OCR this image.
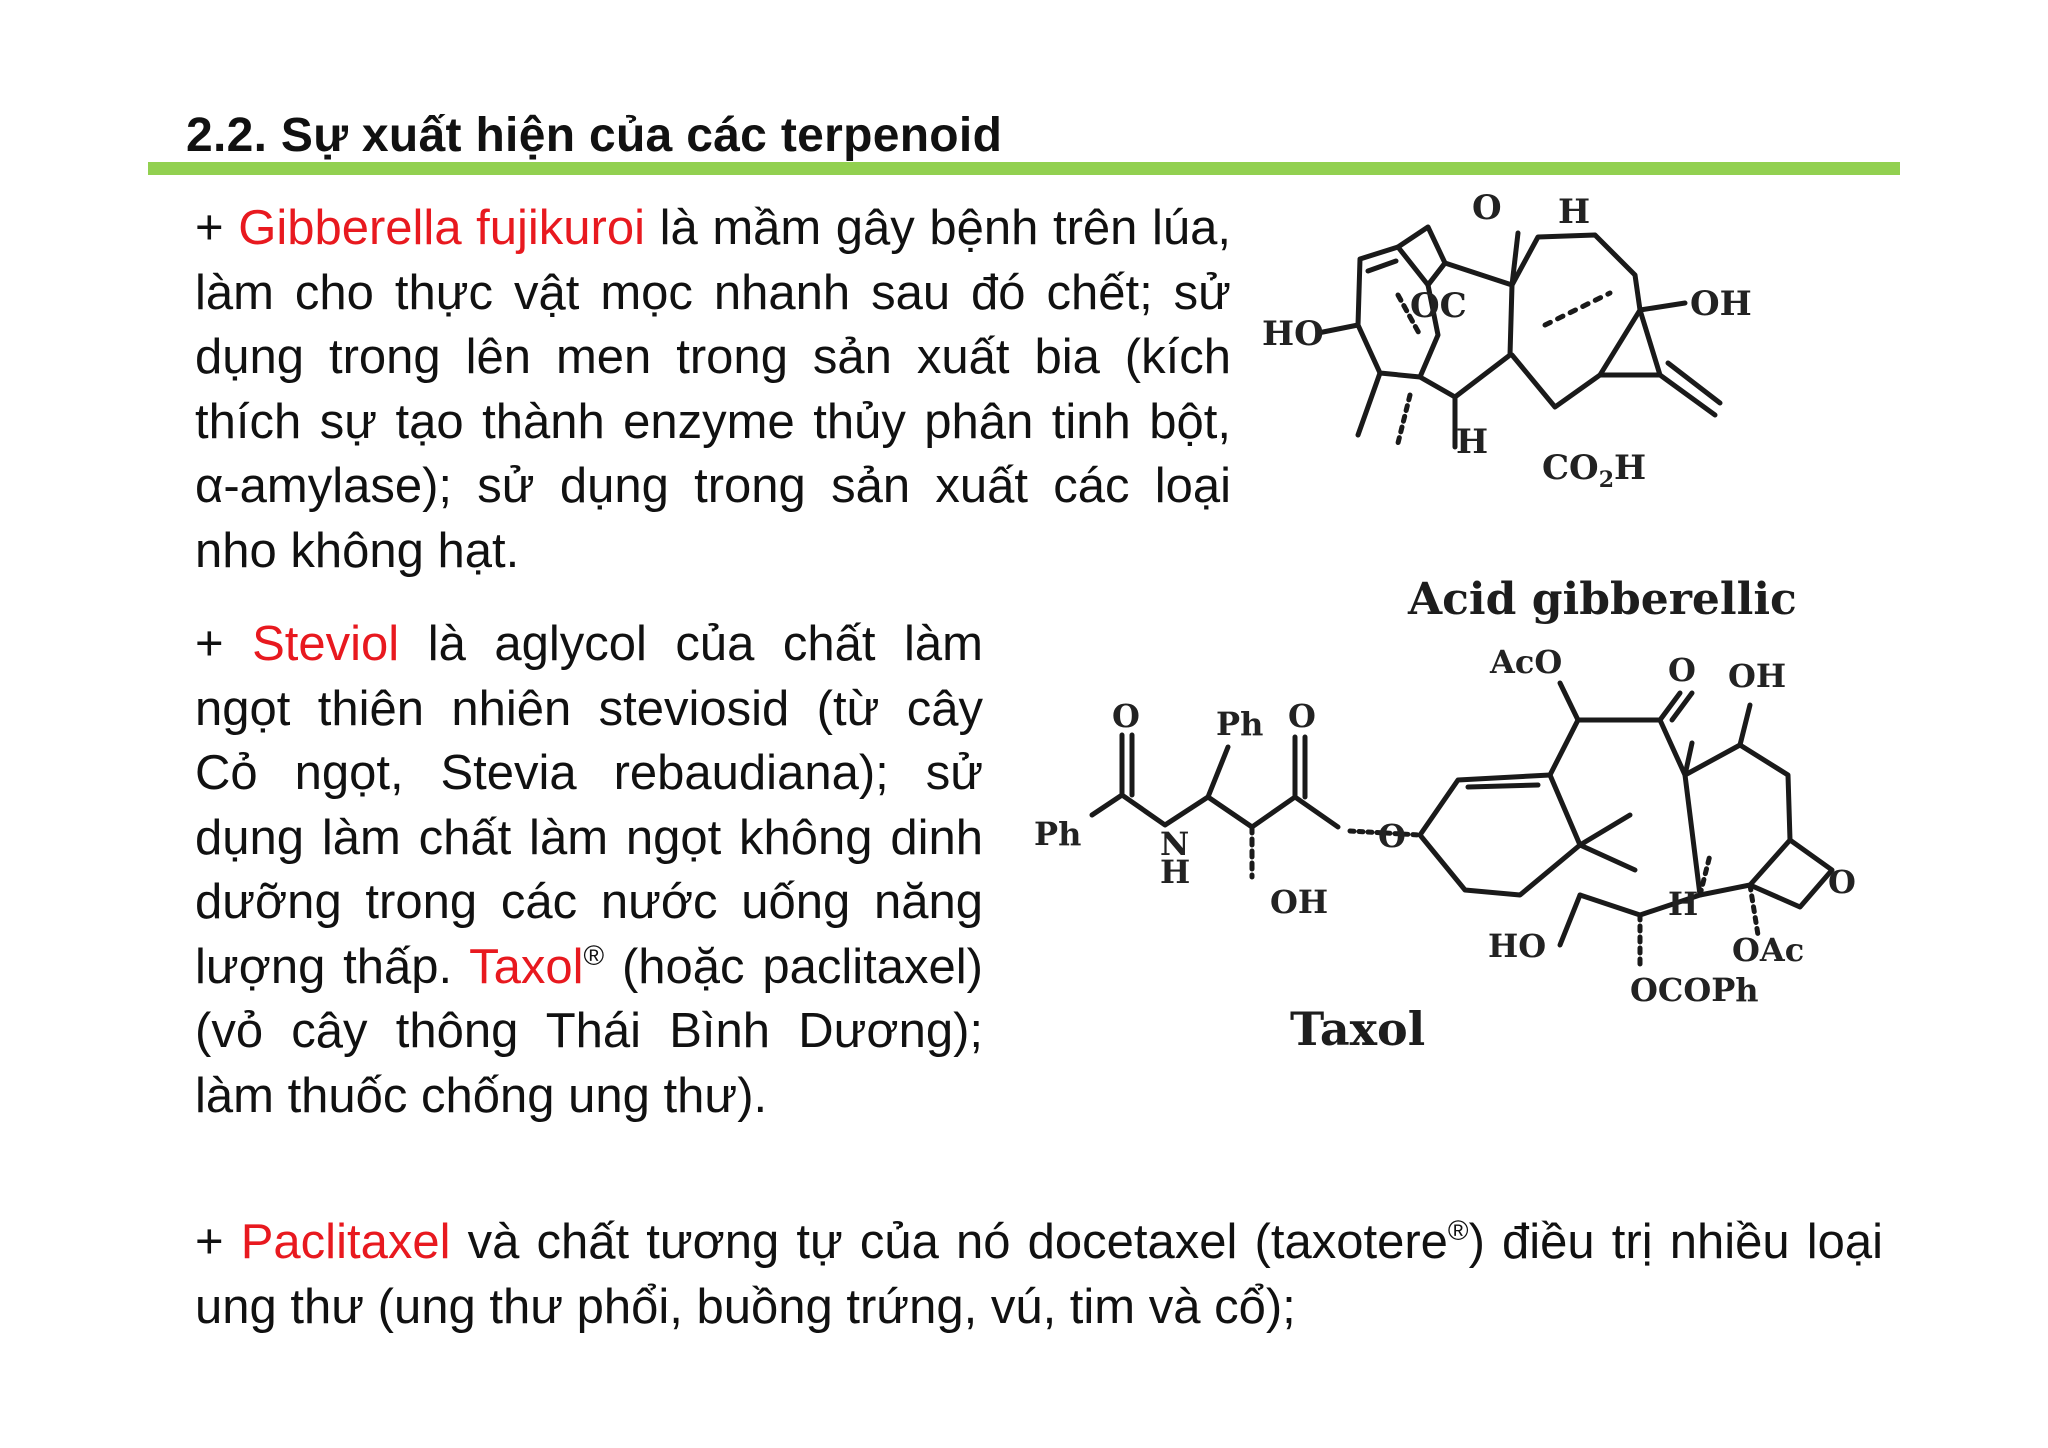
2.2. Sự xuất hiện của các terpenoid
+ Gibberella fujikuroi là mầm gây bệnh trên lúa, làm cho thực vật mọc nhanh sau đó chết; sử dụng trong lên men trong sản xuất bia (kích thích sự tạo thành enzyme thủy phân tinh bột, α-amylase); sử dụng trong sản xuất các loại nho không hạt.
+ Steviol là aglycol của chất làm ngọt thiên nhiên steviosid (từ cây Cỏ ngọt, Stevia rebaudiana); sử dụng làm chất làm ngọt không dinh dưỡng trong các nước uống năng lượng thấp. Taxol® (hoặc paclitaxel) (vỏ cây thông Thái Bình Dương); làm thuốc chống ung thư).
+ Paclitaxel và chất tương tự của nó docetaxel (taxotere®) điều trị nhiều loại ung thư (ung thư phổi, buồng trứng, vú, tim và cổ);
O H
OC
HO
OH
H
$CO_2H$
Acid gibberellic
AcO	O OH
O Ph O
Ph N
H
O
OH
HO
H
O
OAc
OCOPh
Taxol
